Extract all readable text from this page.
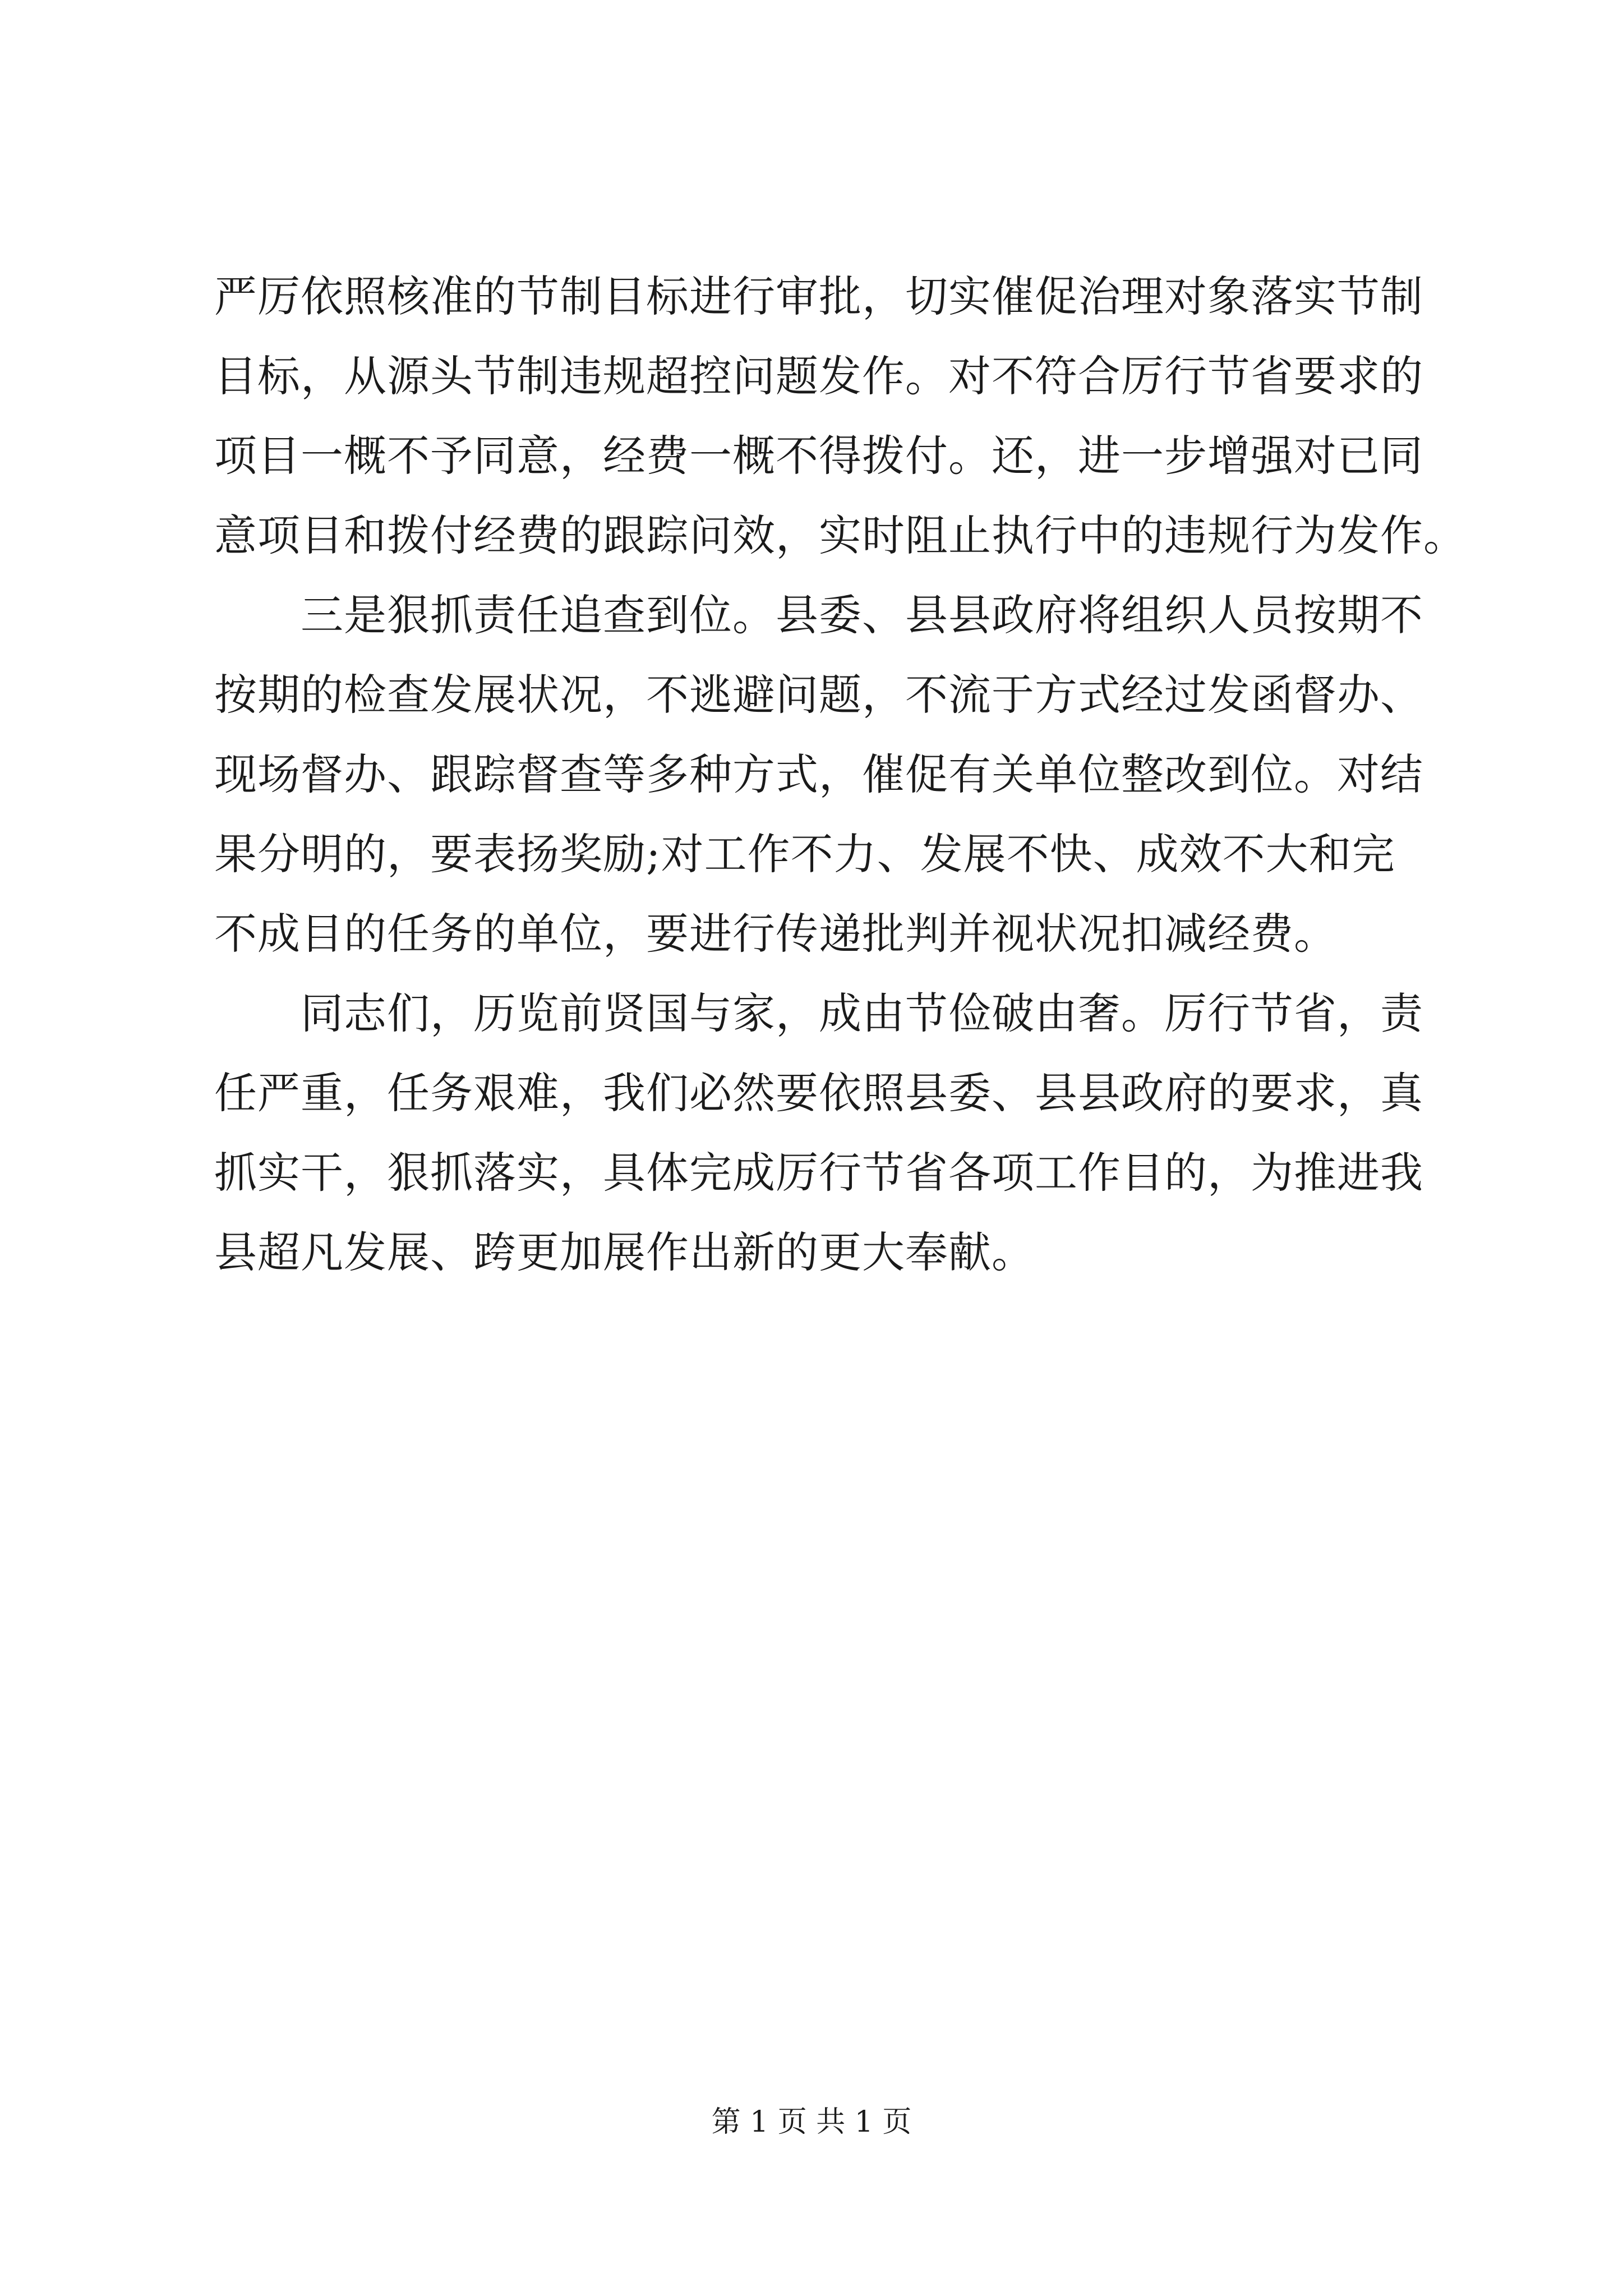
严厉依照核准的节制目标进行审批，切实催促治理对象落实节制
目标，从源头节制违规超控问题发作。对不符合厉行节省要求的
项目一概不予同意，经费一概不得拨付。还，进一步增强对已同
意项目和拨付经费的跟踪问效，实时阻止执行中的违规行为发作。
　　三是狠抓责任追查到位。县委、县县政府将组织人员按期不
按期的检查发展状况，不逃避问题，不流于方式经过发函督办、
现场督办、跟踪督查等多种方式，催促有关单位整改到位。对结
果分明的，要表扬奖励;对工作不力、发展不快、成效不大和完
不成目的任务的单位，要进行传递批判并视状况扣减经费。
　　同志们，历览前贤国与家，成由节俭破由奢。厉行节省，责
任严重，任务艰难，我们必然要依照县委、县县政府的要求，真
抓实干，狠抓落实，具体完成厉行节省各项工作目的，为推进我
县超凡发展、跨更加展作出新的更大奉献。
第 1 页 共 1 页
